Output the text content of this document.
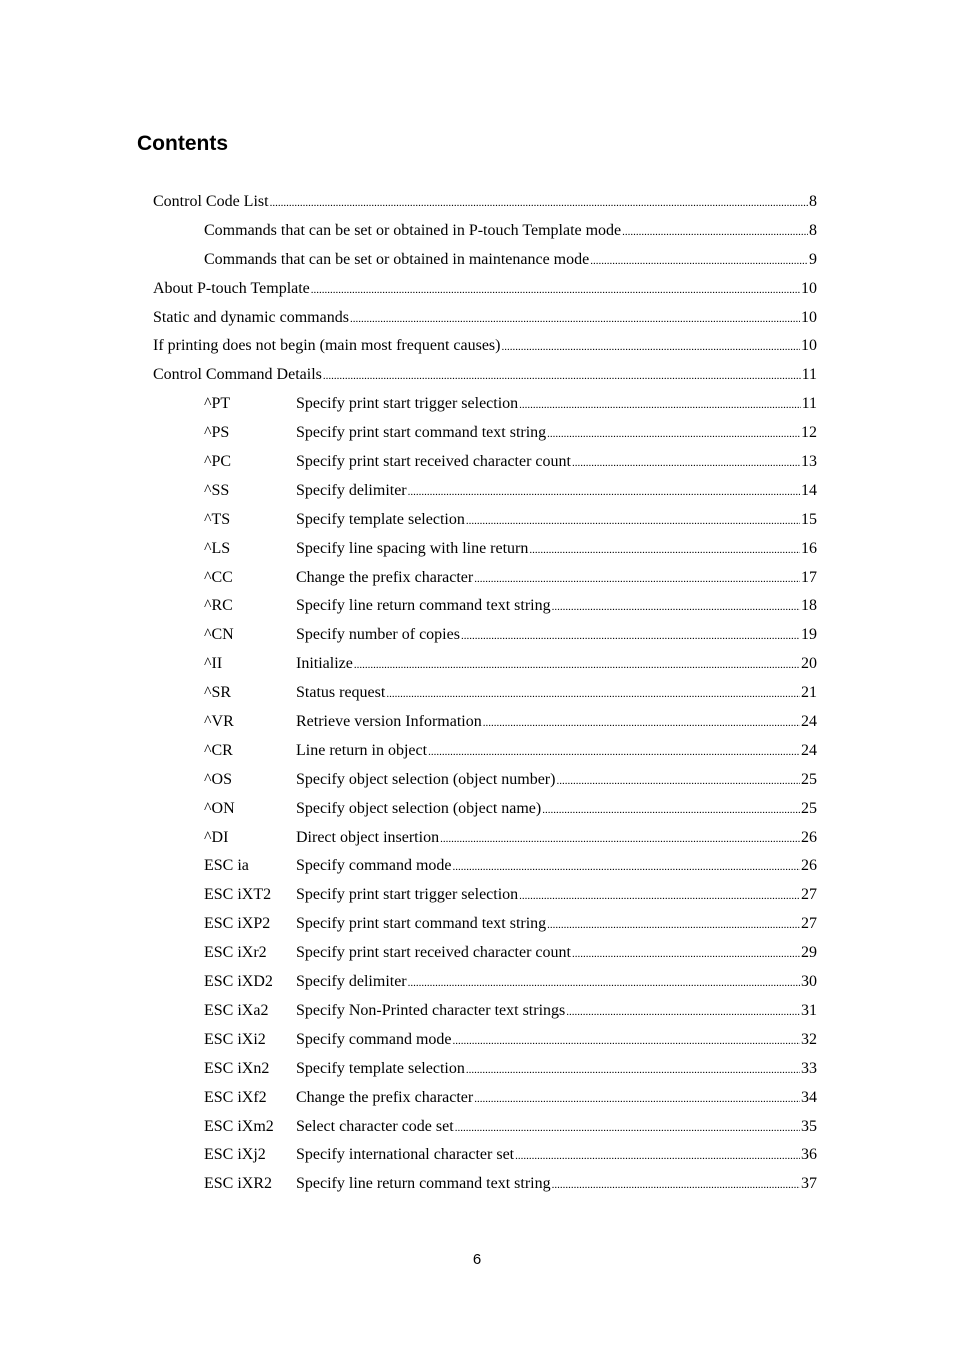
Contents
Control Code List .....	8
Commands that can be set or obtained in P-touch Template mode .....	8
Commands that can be set or obtained in maintenance mode .....	9
About P-touch Template .....	10
Static and dynamic commands .....	10
If printing does not begin (main most frequent causes) .....	10
Control Command Details .....	11
^PT	Specify print start trigger selection .....	11
^PS	Specify print start command text string .....	12
^PC	Specify print start received character count .....	13
^SS	Specify delimiter .....	14
^TS	Specify template selection .....	15
^LS	Specify line spacing with line return .....	16
^CC	Change the prefix character .....	17
^RC	Specify line return command text string .....	18
^CN	Specify number of copies .....	19
^II	Initialize .....	20
^SR	Status request .....	21
^VR	Retrieve version Information .....	24
^CR	Line return in object .....	24
^OS	Specify object selection (object number) .....	25
^ON	Specify object selection (object name) .....	25
^DI	Direct object insertion .....	26
ESC ia	Specify command mode .....	26
ESC iXT2	Specify print start trigger selection .....	27
ESC iXP2	Specify print start command text string .....	27
ESC iXr2	Specify print start received character count .....	29
ESC iXD2	Specify delimiter .....	30
ESC iXa2	Specify Non-Printed character text strings .....	31
ESC iXi2	Specify command mode .....	32
ESC iXn2	Specify template selection .....	33
ESC iXf2	Change the prefix character .....	34
ESC iXm2	Select character code set .....	35
ESC iXj2	Specify international character set .....	36
ESC iXR2	Specify line return command text string .....	37
6
